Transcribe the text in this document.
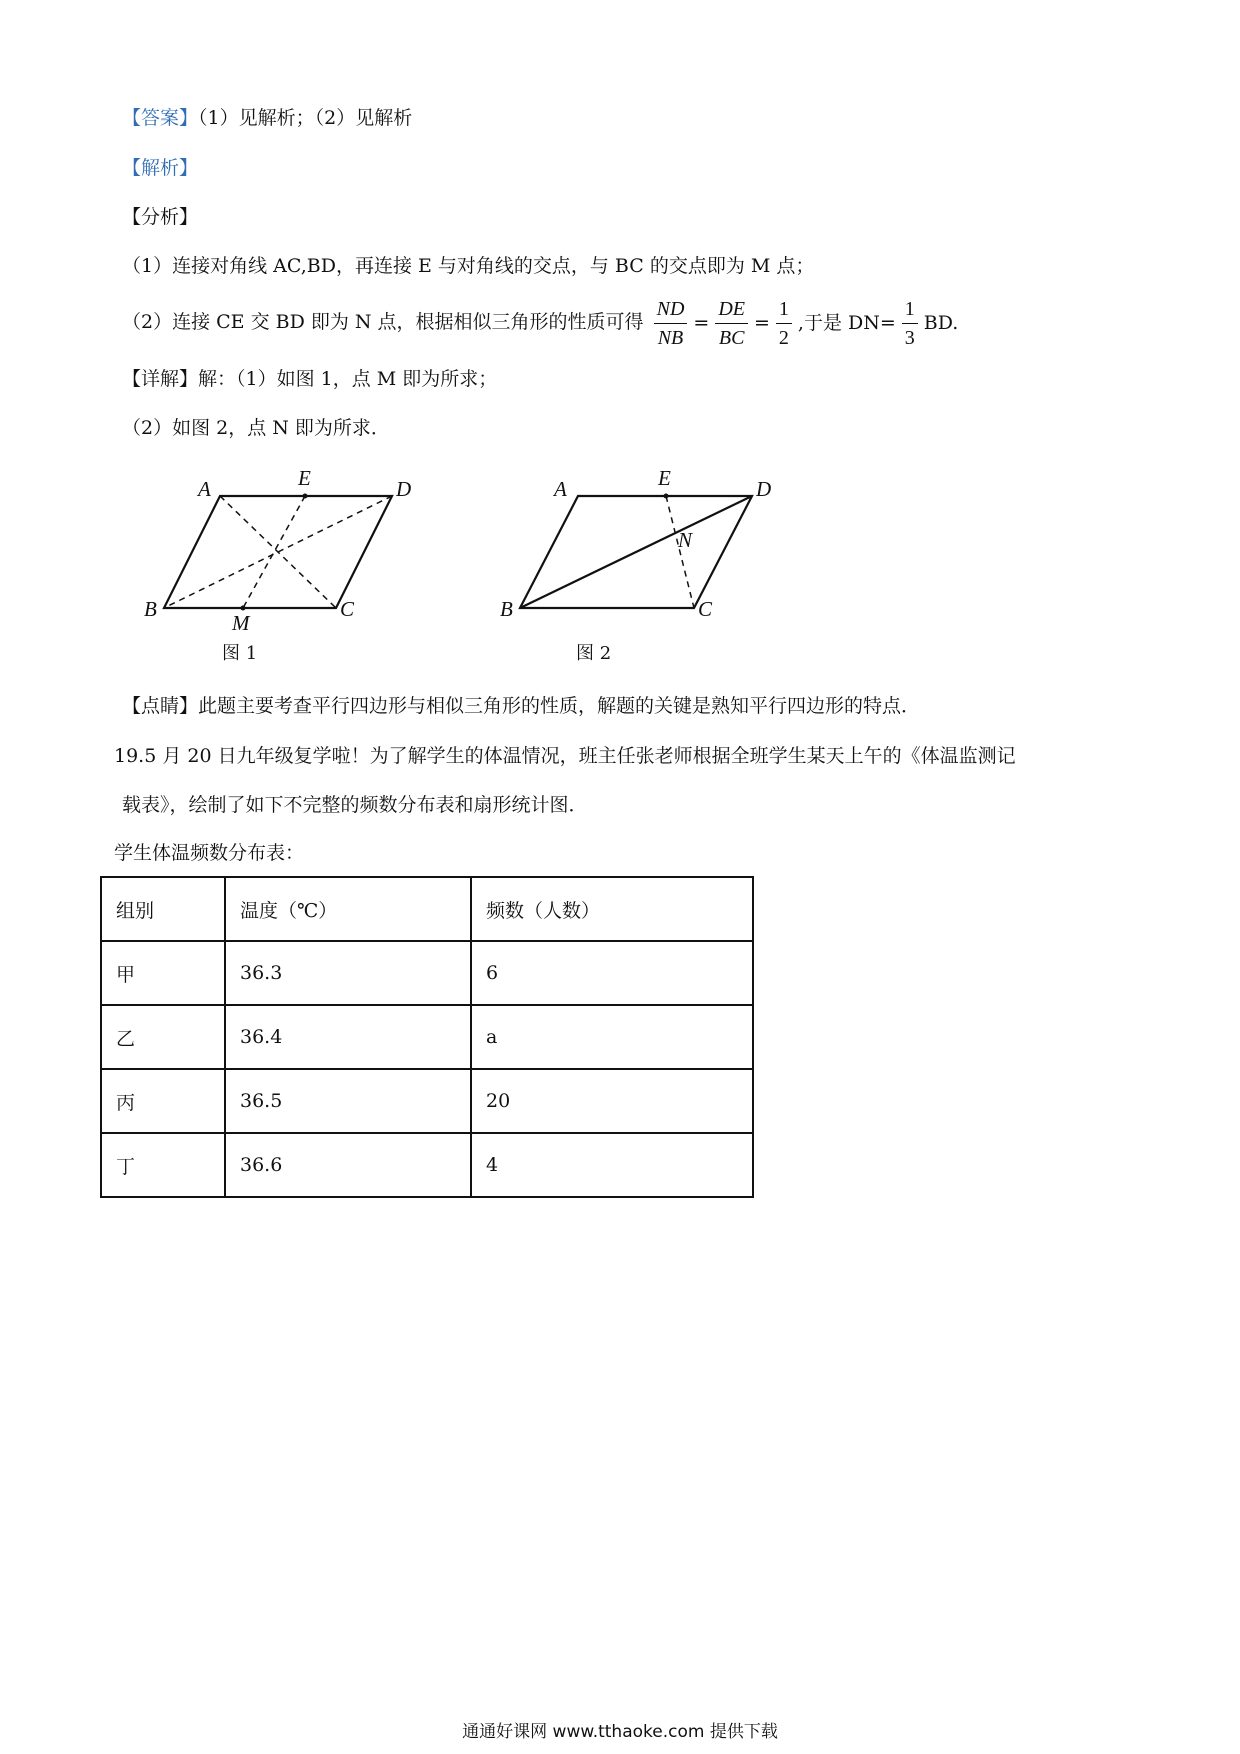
【答案】（1）见解析；（2）见解析
【解析】
【分析】
（1）连接对角线 AC,BD，再连接 E 与对角线的交点，与 BC 的交点即为 M 点；
（2）连接 CE 交 BD 即为 N 点，根据相似三角形的性质可得 $\frac{ND}{NB} = \frac{DE}{BC} = \frac{1}{2}$ ,于是 $DN= \frac{1}{3}$ BD.
【详解】解：（1）如图 1，点 M 即为所求；
（2）如图 2，点 N 即为所求．
A	E	D
B	C
M
图 1
A	E	D
N
B	C
图 2
【点睛】此题主要考查平行四边形与相似三角形的性质，解题的关键是熟知平行四边形的特点．
19.5 月 20 日九年级复学啦！为了解学生的体温情况，班主任张老师根据全班学生某天上午的《体温监测记
载表》，绘制了如下不完整的频数分布表和扇形统计图．
学生体温频数分布表：
组别	温度（℃）	频数（人数）
甲	36.3	6
乙	36.4	a
丙	36.5	20
丁	36.6	4
通通好课网 www.tthaoke.com 提供下载
